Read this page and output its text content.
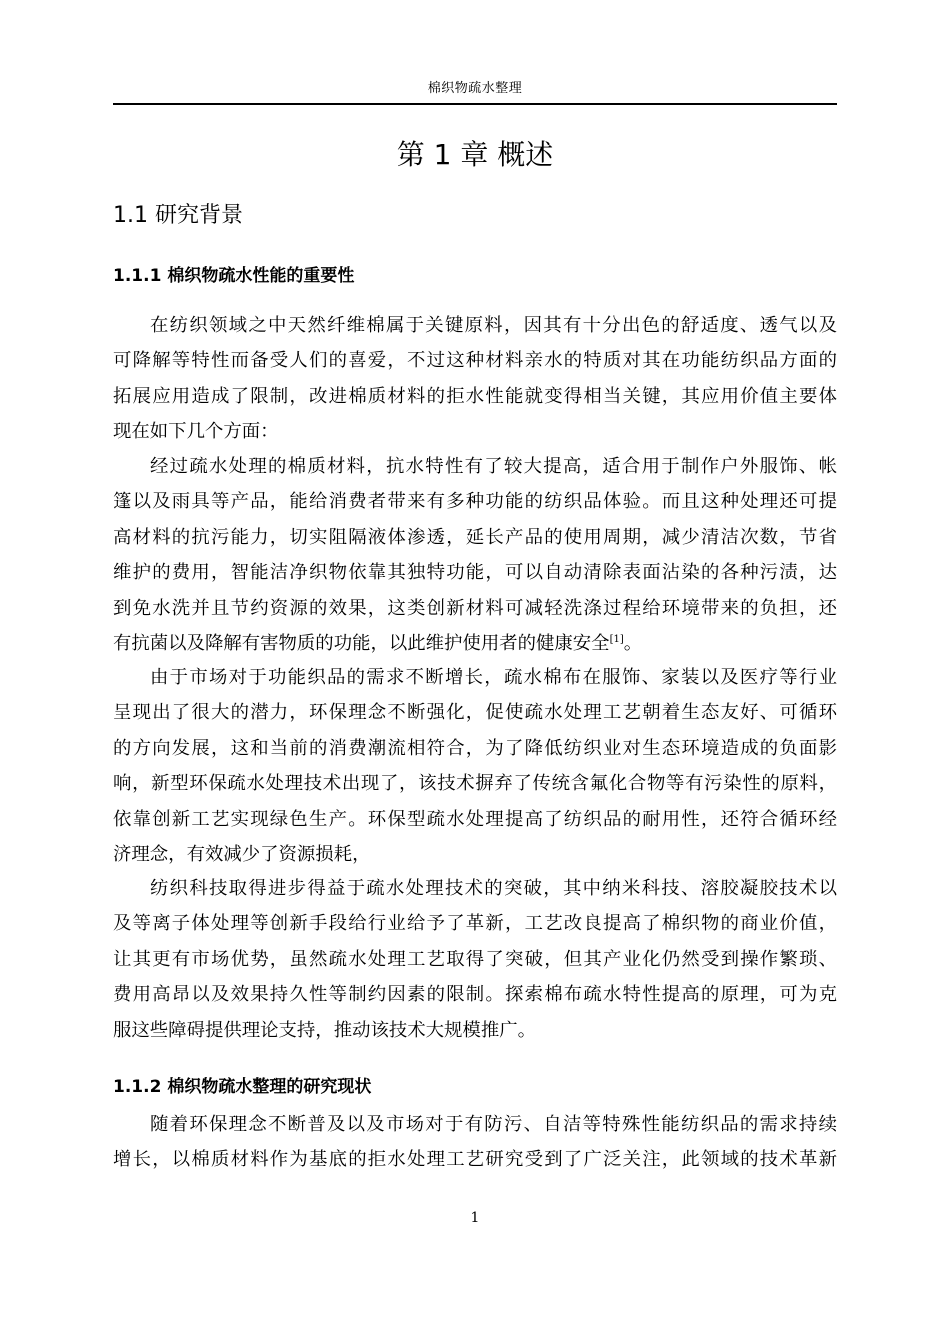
棉织物疏水整理
第 1 章 概述
1.1 研究背景
1.1.1 棉织物疏水性能的重要性
在纺织领域之中天然纤维棉属于关键原料，因其有十分出色的舒适度、透气以及
可降解等特性而备受人们的喜爱，不过这种材料亲水的特质对其在功能纺织品方面的
拓展应用造成了限制，改进棉质材料的拒水性能就变得相当关键，其应用价值主要体
现在如下几个方面：
经过疏水处理的棉质材料，抗水特性有了较大提高，适合用于制作户外服饰、帐
篷以及雨具等产品，能给消费者带来有多种功能的纺织品体验。而且这种处理还可提
高材料的抗污能力，切实阻隔液体渗透，延长产品的使用周期，减少清洁次数，节省
维护的费用，智能洁净织物依靠其独特功能，可以自动清除表面沾染的各种污渍，达
到免水洗并且节约资源的效果，这类创新材料可减轻洗涤过程给环境带来的负担，还
有抗菌以及降解有害物质的功能，以此维护使用者的健康安全[1]。
由于市场对于功能织品的需求不断增长，疏水棉布在服饰、家装以及医疗等行业
呈现出了很大的潜力，环保理念不断强化，促使疏水处理工艺朝着生态友好、可循环
的方向发展，这和当前的消费潮流相符合，为了降低纺织业对生态环境造成的负面影
响，新型环保疏水处理技术出现了，该技术摒弃了传统含氟化合物等有污染性的原料，
依靠创新工艺实现绿色生产。环保型疏水处理提高了纺织品的耐用性，还符合循环经
济理念，有效减少了资源损耗，
纺织科技取得进步得益于疏水处理技术的突破，其中纳米科技、溶胶凝胶技术以
及等离子体处理等创新手段给行业给予了革新，工艺改良提高了棉织物的商业价值，
让其更有市场优势，虽然疏水处理工艺取得了突破，但其产业化仍然受到操作繁琐、
费用高昂以及效果持久性等制约因素的限制。探索棉布疏水特性提高的原理，可为克
服这些障碍提供理论支持，推动该技术大规模推广。
1.1.2 棉织物疏水整理的研究现状
随着环保理念不断普及以及市场对于有防污、自洁等特殊性能纺织品的需求持续
增长，以棉质材料作为基底的拒水处理工艺研究受到了广泛关注，此领域的技术革新
1
